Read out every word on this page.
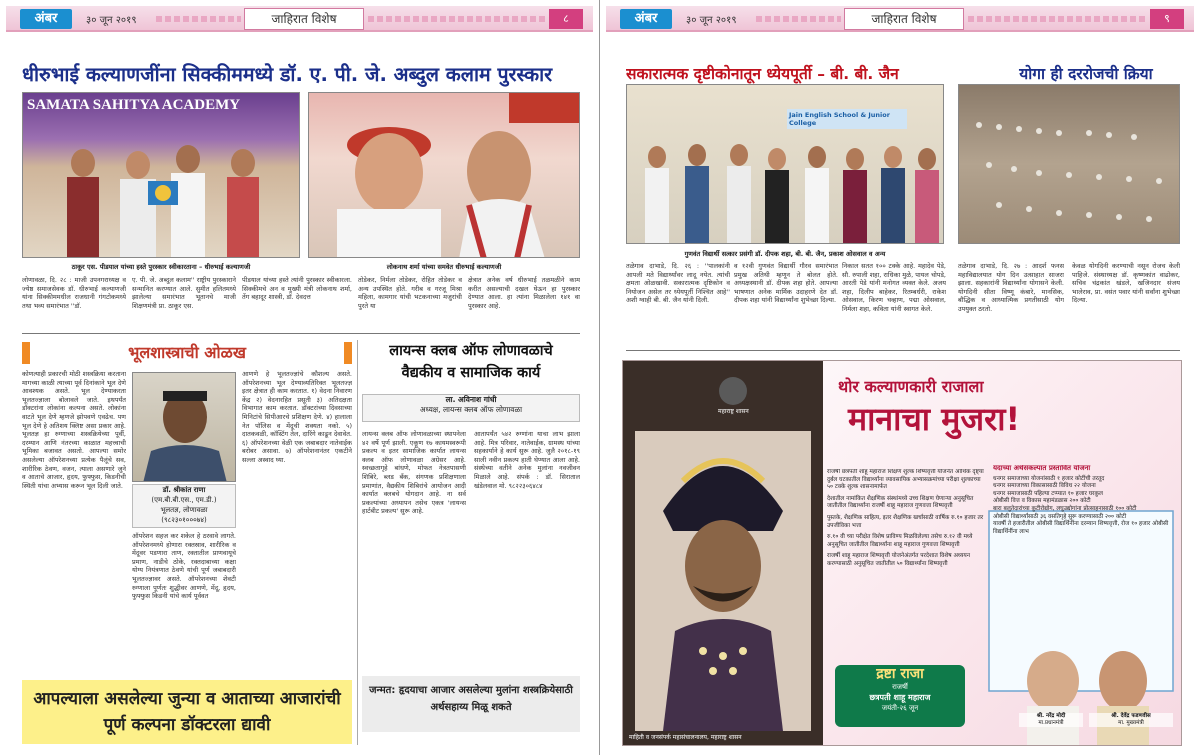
अंबर	३० जून २०१९	जाहिरात विशेष	८
धीरुभाई कल्याणजींना सिक्कीममध्ये डॉ. ए. पी. जे. अब्दुल कलाम पुरस्कार
SAMATA SAHITYA ACADEMY
ठाकूर एस. पीडयाल यांच्या हस्ते पुरस्कार स्वीकारताना – धीरुभाई कल्याणजी	लोकनाथ शर्मा यांच्या समवेत धीरुभाई कल्याणजी
लोणावळा, दि. २८ : माजी उपनगराध्यक्ष व ज्येष्ठ समाजसेवक डॉ. धीरुभाई कल्याणजी यांना सिक्कीममधील राजधानी गंगटोकमध्ये तथा भव्य समारंभात ''डॉ.
ए. पी. जे. अब्दुल कलाम'' राष्ट्रीय पुरस्काराने सन्मानित करण्यात आले. सुमीत हलितमध्ये झालेल्या समारंभात भूतानचे माजी शिक्षणमंत्री प्रा. ठाकूर एस.
पीडयाल यांच्या हस्ते त्यांनी पुरस्कार स्वीकारला. सिक्कीमचे अन व मुख्यी मंत्री लोकनाथ शर्मा, तेंग बहादूर शास्त्री, डॉ. देवदत्त
तोडेकर, निर्मला तोडेकर, रोहित तोडेकर व अन्य उपस्थित होते. गरीब व गरजू मिश्रा महिला, कामगार यांची भटकनाच्या मजुरांची पुरते या
क्षेत्रात अनेक वर्ष धीरुभाई तळमळीने काम करीत असल्याची दखल घेऊन हा पुरस्कार देण्यात आला. हा त्यांना मिळालेला १४१ वा पुरस्कार आहे.
भूलशास्त्राची ओळख
कोणत्याही प्रकारची मोठी शस्त्रक्रिया करताना मागच्या काळी त्याच्या पूर्व दिनांकाने भूल देणे आवश्यक असते. भूल देण्याकरता भूलतज्ज्ञाला बोलावले जाते. इथपर्यंत डॉक्टरांना लोकांना कल्पना असते. लोकांना वाटते भूल देणे म्हणजे झोपवणे एवढेच. पण भूल देणे हे अतिशय क्लिष्ट असा प्रकार आहे. भूलतज्ञ हा रुग्णाच्या शस्त्रक्रियेच्या पूर्वी, दरम्यान आणि नंतरच्या काळात महत्त्वाची भूमिका बजावत असतो. आपल्या समोर असलेल्या ऑपरेशनच्या प्रत्येक पैलूंचे सव, शारीरिक ठेवण, वजन, त्याला असणारे जुने व आताचे आजार, हृदय, फुफ्फुस, किडनीची स्थिती यांचा अभ्यास करून भूल दिली जाते.
डॉ. श्रीकांत राणा
(एम.बी.बी.एस., एम.डी.)
भूलतज्ञ, लोणावळा
(९८२३०१०००७४)
ऑपरेशन सहज कर शकेल हे ठरवावे लागते. ऑपरेशनमध्ये होणारा रक्तस्राव, शारीरिक व मेंदूवर पडणारा ताण, रक्तातील प्राणवायूचे प्रमाण, नाडीचे ठोके, रक्तदाबाच्या कक्षा योग्य नियंत्रणात ठेवणे यांची पूर्ण जबाबदारी भूलतज्ज्ञावर असते. ऑपरेशनच्या शेवटी रुग्णाला पूर्णतः शुद्धीवर आणणे, मेंदू, हृदय, फुफ्फुस किडनी यांचे कार्य पूर्ववत
आणणे हे भूलतज्ज्ञांचे कौशल्य असते. ऑपरेशनच्या भूल देण्याव्यतिरिक्त भूलतज्ज्ञ इतर क्षेत्रात ही काम करतात. १) वेदना निवारण केंद्र २) वेदनारहित प्रसूती ३) अतिदक्षता विभागात काम करतात. डॉक्टरांच्या दिवसाच्या मिनिटांचे सिपीआरचे प्रशिक्षण देणे. ४) हालाला नेत पॉलिस व मेंदूची शक्यता नको. ५) दातकवळी, कॉस्टिंग तेल, दारिंगे काढून देवावेत. ६) ऑपरेशनच्या वेळी एक जबाबदार नातेवाईक बरोबर असावा. ७) ऑपरेशनानंतर एकटीने सल्ला अस्वाद घ्या.
आपल्याला असलेल्या जुन्या व आताच्या आजारांची पूर्ण कल्पना डॉक्टरला द्यावी
लायन्स क्लब ऑफ लोणावळाचे
वैद्यकीय व सामाजिक कार्य
ला. अविनाश गांधी
अध्यक्ष, लायन्स क्लब ऑफ लोणावळा
लायन्स क्लब ऑफ लोणावळाच्या स्थापनेला ४२ वर्षे पूर्ण झाली. एकूण १७ कायमस्वरूपी प्रकल्प व इतर सामाजिक कार्यात लायन्स क्लब ऑफ लोणावळा अग्रेसर आहे. स्वच्छतागृहे बांधणे, मोफत नेत्रतपासणी शिबिरे, ब्लड बँक, संगणक प्रशिक्षणाला प्रमाणांत, वैद्यकीय शिबिरांचे आयोजन आदी कार्यात क्लबचे योगदान आहे. ना सर्व प्रकल्पांच्या अध्यापन तसेच एकत्र 'लायन्स हार्टबीट प्रकल्प' सुरू आहे.
आतापर्यंत ५४२ रुग्णांना याचा लाभ झाला आहे. मित्र परिवार, नातेवाईक, ग्रामस्थ यांच्या सहकार्याने हे कार्य सुरू आहे. जुलै २०१८-१९ साली नवीन प्रकल्प हाती घेण्यात आला आहे. संस्थेच्या वतीने अनेक मुलांना नवजीवन मिळाले आहे. संपर्क : डॉ. सिराताल खंडेलवाल मो. ९८२२३०६४८४
जन्मत: हृदयाचा आजार असलेल्या मुलांना शस्त्रक्रियेसाठी अर्थसहाय्य मिळू शकते
अंबर	३० जून २०१९	जाहिरात विशेष	९
सकारात्मक दृष्टीकोनातून ध्येयपूर्ती – बी. बी. जैन	योगा ही दररोजची क्रिया
Jain English School & Junior College
गुणवंत विद्यार्थी सत्कार प्रसंगी डॉ. दीपक शहा, बी. बी. जैन, प्रकाश ओसवाल व अन्य
तळेगाव दाभाडे, दि. २६ : ''पालकांनी आपली मते विद्यार्थ्यांवर लादू नयेत. त्यांची क्षमता ओळखावी. सकारात्मक दृष्टिकोन व नियोजन असेल तर ध्येयपूर्ती निश्चित आहे'' अशी ग्वाही बी. बी. जैन यांनी दिली.
व १२वी गुणवंत विद्यार्थी गौरव समारंभात प्रमुख अतिथी म्हणून ते बोलत होते. अध्यक्षस्थानी डॉ. दीपक शहा होते. आपल्या भाषणात अनेक मार्मिक उदाहरणे देत डॉ. दीपक शहा यांनी विद्यार्थ्यांना शुभेच्छा दिल्या.
निकाल सतत १०० टक्के आहे. महादेव पेडे, सौ. रुपाली शहा, राधिका मुळे, पायल चोपडे, आरती पेडे यांनी मनोगत व्यक्त केले. अजय शहा, दिलीप बाहेकर, रितम्बर्धरी, राकेश ओसवाल, किरण चव्हाण, पद्मा ओसवाल, निर्मला शहा, कविता यांनी स्वागत केले.
तळेगाव दाभाडे, दि. २७ : आदर्श फनस महाविद्यालयात योग दिन उत्साहात साजरा झाला. सहकारांनी विद्यार्थ्यांना योगासने केली. योगदिनी सीता विष्णू कंबारे, मानसिक, बौद्धिक व आध्यात्मिक प्रगतीसाठी योग उपयुक्त ठरतो.
केवळ योगदिनी करण्याची नसून रोजच केली पाहिजे. संस्थाध्यक्ष डॉ. कृष्णकांत वाढोकर, सचिव चंद्रकांत खंडले, खजिनदार संजय भालेराव, प्रा. वसंत पवार यांनी सर्वांना शुभेच्छा दिल्या.
महाराष्ट्र शासन
थोर कल्याणकारी राजाला
मानाचा मुजरा!
राजर्षी छत्रपती शाहू महाराज शिक्षण शुल्क शिष्यवृत्ती योजनेत आर्थिक दृष्ट्या दुर्बल घटकातील विद्यार्थ्यांना व्यावसायिक अभ्यासक्रमांच्या परीक्षा शुल्काच्या ५० टक्के शुल्क शासनामार्फत
देशातील नामांकित शैक्षणिक संस्थांमध्ये उच्च शिक्षण घेणाऱ्या अनुसूचित जातीतील विद्यार्थ्यांना राजर्षी शाहू महाराज गुणवत्ता शिष्यवृत्ती
पुस्तके, शैक्षणिक साहित्य, इतर शैक्षणिक खर्चासाठी वार्षिक रु.१० हजार तर उपजीविका भत्ता
रु.१० वी च्या परीक्षेत विशेष प्राविण्य मिळविलेल्या तसेच रु.१२ वी मध्ये अनुसूचित जातीतील विद्यार्थ्यांना शाहू महाराज गुणवत्ता शिष्यवृत्ती
राजर्षी शाहू महाराज शिष्यवृत्ती योजनेअंतर्गत परदेशात विशेष अध्ययन करण्यासाठी अनुसूचित जातीतील ५० विद्यार्थ्यांना शिष्यवृत्ती
यंदाच्या अर्थसंकल्पात प्रस्तावित योजना
धनगर समाजाच्या योजनांसाठी १ हजार कोटींची तरतूद
धनगर समाजाच्या विकासासाठी विविध २२ योजना
धनगर समाजासाठी पहिल्या टप्प्यात १० हजार घरकुल
ओबीसी वित्त व विकास महामंडळास २०० कोटी
बारा बलुतेदारांच्या कुटीरोद्योग, लघुउद्योगांना प्रोत्साहनासाठी १०० कोटी
ओबीसी विद्यार्थ्यांसाठी ३६ वसतिगृहे सुरू करण्यासाठी २०० कोटी
यावर्षी ते हजारीतील ओबीसी विद्यार्थिनींना दरम्यान शिष्यवृत्ती, रोज १० हजार ओबीसी विद्यार्थिनींना लाभ
द्रष्टा राजा
राजर्षी
छत्रपती शाहू महाराज
जयंती-२६ जून
माहिती व जनसंपर्क महासंचालनालय, महाराष्ट्र शासन
श्री. नरेंद्र मोदी
मा.प्रधानमंत्री
श्री. देवेंद्र फडणवीस
मा. मुख्यमंत्री
